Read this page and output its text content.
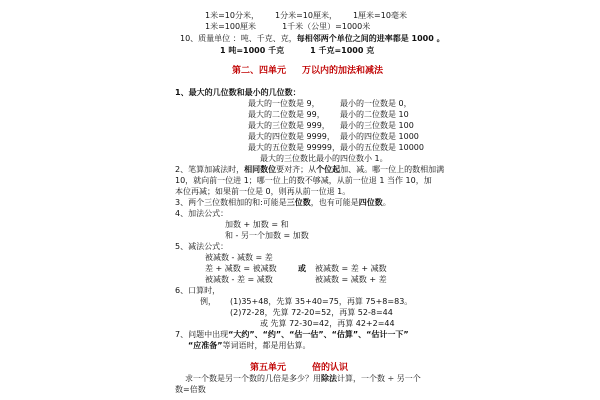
1米=10分米， 1分米=10厘米， 1厘米=10毫米
1米=100厘米	1千米（公里）=1000米
10、质量单位 ：吨、千克、克，每相邻两个单位之间的进率都是 1000 。
1 吨=1000 千克	1 千克=1000 克
第二、四单元 万以内的加法和减法
1、最大的几位数和最小的几位数：
最大的一位数是 9，	最小的一位数是 0，
最大的二位数是 99， 最小的二位数是 10
最大的三位数是 999， 最小的三位数是 100
最大的四位数是 9999， 最小的四位数是 1000
最大的五位数是 99999， 最小的五位数是 10000
最大的三位数比最小的四位数小 1。
2、笔算加减法时，相同数位要对齐；从个位起加、减。哪一位上的数相加满
10，就向前一位进 1；哪一位上的数不够减，从前一位退 1 当作 10，加
本位再减；如果前一位是 0，则再从前一位退 1。
3、两个三位数相加的和:可能是三位数，也有可能是四位数。
4、加法公式：
加数 + 加数 = 和
和 - 另一个加数 = 加数
5、减法公式：
被减数 - 减数 = 差
差 + 减数 = 被减数	或 被减数 = 差 + 减数
被减数 - 差 = 减数	被减数 = 减数 + 差
6、口算时，
例， (1)35+48，先算 35+40=75，再算 75+8=83。
(2)72-28，先算 72-20=52，再算 52-8=44
或 先算 72-30=42，再算 42+2=44
7、问题中出现“大约”、“约”、“估一估”、“估算”、“估计一下”
“应准备”等词语时，都是用估算。
第五单元	倍的认识
求一个数是另一个数的几倍是多少？用除法计算，一个数 ÷ 另一个
数=倍数
